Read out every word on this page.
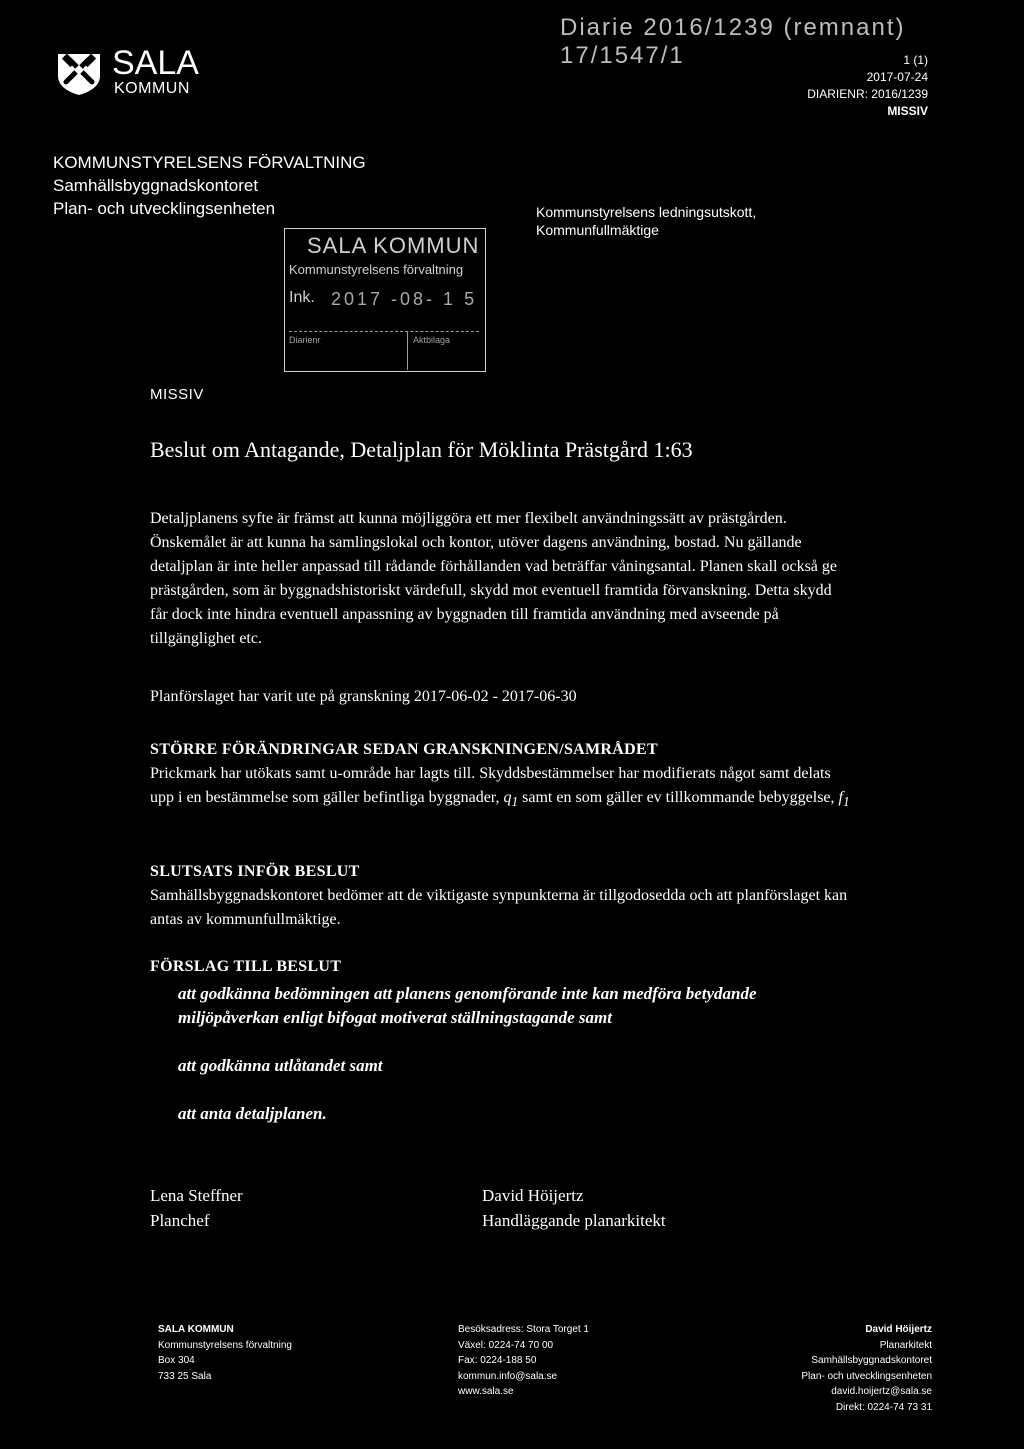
Diarie 2016/1239 (remnant) 17/1547/1
SALA
KOMMUN
1 (1)
2017-07-24
DIARIENR: 2016/1239
MISSIV
KOMMUNSTYRELSENS FÖRVALTNING
Samhällsbyggnadskontoret
Plan- och utvecklingsenheten	Kommunstyrelsens ledningsutskott,
Kommunfullmäktige
SALA KOMMUN
Kommunstyrelsens förvaltning
Ink. 2017 -08- 1 5
Diarienr	Aktbilaga
MISSIV
Beslut om Antagande, Detaljplan för Möklinta Prästgård 1:63
Detaljplanens syfte är främst att kunna möjliggöra ett mer flexibelt användningssätt av prästgården. Önskemålet är att kunna ha samlingslokal och kontor, utöver dagens användning, bostad. Nu gällande detaljplan är inte heller anpassad till rådande förhållanden vad beträffar våningsantal. Planen skall också ge prästgården, som är byggnadshistoriskt värdefull, skydd mot eventuell framtida förvanskning. Detta skydd får dock inte hindra eventuell anpassning av byggnaden till framtida användning med avseende på tillgänglighet etc.
Planförslaget har varit ute på granskning 2017-06-02 - 2017-06-30
STÖRRE FÖRÄNDRINGAR SEDAN GRANSKNINGEN/SAMRÅDET
Prickmark har utökats samt u-område har lagts till. Skyddsbestämmelser har modifierats något samt delats upp i en bestämmelse som gäller befintliga byggnader, $q_1$ samt en som gäller ev tillkommande bebyggelse, $f_1$
SLUTSATS INFÖR BESLUT
Samhällsbyggnadskontoret bedömer att de viktigaste synpunkterna är tillgodosedda och att planförslaget kan antas av kommunfullmäktige.
FÖRSLAG TILL BESLUT
att godkänna bedömningen att planens genomförande inte kan medföra betydande miljöpåverkan enligt bifogat motiverat ställningstagande samt
att godkänna utlåtandet samt
att anta detaljplanen.
Lena Steffner
Planchef
David Höijertz
Handläggande planarkitekt
SALA KOMMUN
Kommunstyrelsens förvaltning
Box 304
733 25 Sala
Besöksadress: Stora Torget 1
Växel: 0224-74 70 00
Fax: 0224-188 50
kommun.info@sala.se
www.sala.se
David Höijertz
Planarkitekt
Samhällsbyggnadskontoret
Plan- och utvecklingsenheten
david.hoijertz@sala.se
Direkt: 0224-74 73 31
